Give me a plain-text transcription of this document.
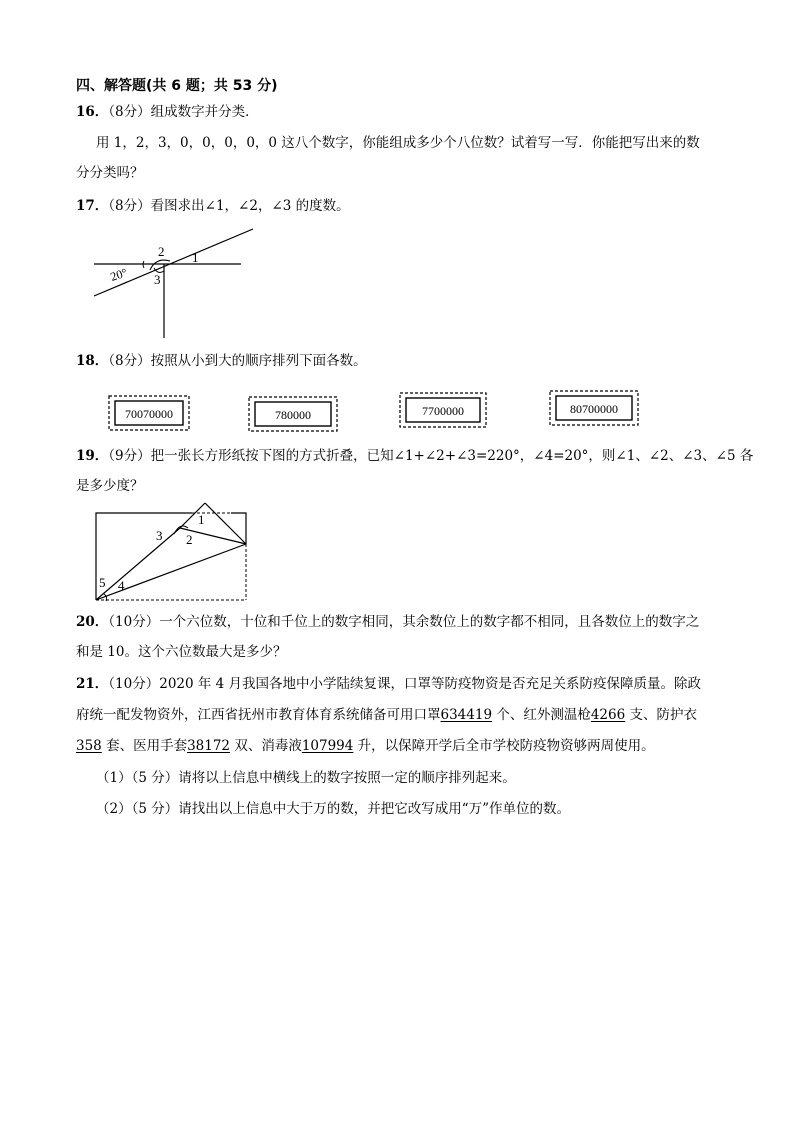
四、解答题(共 6 题；共 53 分)
16．（8分）组成数字并分类．
用 1，2，3，0，0，0，0，0 这八个数字，你能组成多少个八位数？试着写一写．你能把写出来的数
分分类吗？
17．（8分）看图求出∠1，∠2，∠3 的度数。
20°
1
2
3
18．（8分）按照从小到大的顺序排列下面各数。
70070000	780000	7700000	80700000
19．（9分）把一张长方形纸按下图的方式折叠，已知∠1+∠2+∠3=220°，∠4=20°，则∠1、∠2、∠3、∠5 各
是多少度？
1
2
3
4
5
20．（10分）一个六位数，十位和千位上的数字相同，其余数位上的数字都不相同，且各数位上的数字之
和是 10。这个六位数最大是多少？
21．（10分）2020 年 4 月我国各地中小学陆续复课，口罩等防疫物资是否充足关系防疫保障质量。除政
府统一配发物资外，江西省抚州市教育体育系统储备可用口罩634419 个、红外测温枪4266 支、防护衣
358 套、医用手套38172 双、消毒液107994 升，以保障开学后全市学校防疫物资够两周使用。
（1）（5 分）请将以上信息中横线上的数字按照一定的顺序排列起来。
（2）（5 分）请找出以上信息中大于万的数，并把它改写成用“万”作单位的数。
